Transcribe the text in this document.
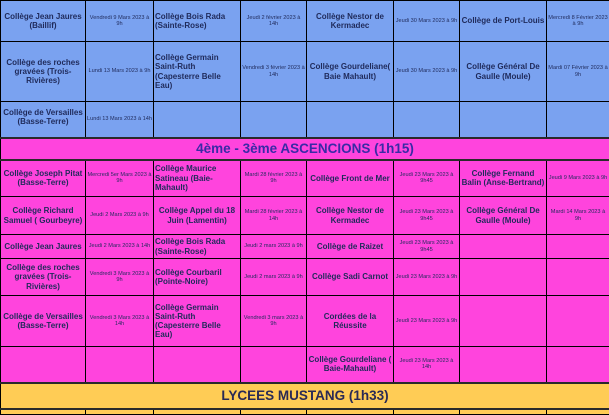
Collège Jean Jaures (Baillif)	Vendredi 9 Mars 2023 à 9h	Collège Bois Rada (Sainte-Rose)	Jeudi 2 février 2023 à 14h	Collège Nestor de Kermadec	Jeudi 30 Mars 2023 à 9h	Collège de Port-Louis	Mercredi 8 Février 2023 à 9h
Collège des roches gravées (Trois-Rivières)	Lundi 13 Mars 2023 à 9h	Collège Germain Saint-Ruth (Capesterre Belle Eau)	Vendredi 3 février 2023 à 14h	Collège Gourdeliane( Baie Mahault)	Jeudi 30 Mars 2023 à 9h	Collège Général De Gaulle (Moule)	Mardi 07 Février 2023 à 9h

Collège de Versailles (Basse-Terre)	Lundi 13 Mars 2023 à 14h						
4ème - 3ème ASCENCIONS (1h15)							
Collège Joseph Pitat (Basse-Terre)	Mercredi 5er Mars 2023 à 9h	Collège Maurice Satineau (Baie-Mahault)	Mardi 28 février 2023 à 9h	Collège Front de Mer	Jeudi 23 Mars 2023 à 9h45	Collège Fernand Balin (Anse-Bertrand)	Jeudi 9 Mars 2023 à 9h
Collège Richard Samuel ( Gourbeyre)	Jeudi 2 Mars 2023 à 9h	Collège Appel du 18 Juin (Lamentin)	Mardi 28 février 2023 à 14h	Collège Nestor de Kermadec	Jeudi 23 Mars 2023 à 9h45	Collège Général De Gaulle (Moule)	Mardi 14 Mars 2023 à 9h
Collège Jean Jaures	Jeudi 2 Mars 2023 à 14h	Collège Bois Rada (Sainte-Rose)	Jeudi 2 mars 2023 à 9h	Collège de Raizet	Jeudi 23 Mars 2023 à 9h45		
Collège des roches gravées (Trois-Rivières)	Vendredi 3 Mars 2023 à 9h	Collège Courbaril (Pointe-Noire)	Jeudi 2 mars 2023 à 9h	Collège Sadi Carnot	Jeudi 23 Mars 2023 à 9h		
Collège de Versailles (Basse-Terre)	Vendredi 3 Mars 2023 à 14h	Collège Germain Saint-Ruth (Capesterre Belle Eau)	Vendredi 3 mars 2023 à 9h	Cordées de la Réussite	Jeudi 23 Mars 2023 à 9h		
				Collège Gourdeliane ( Baie-Mahault)	Jeudi 23 Mars 2023 à 14h		
LYCEES MUSTANG (1h33)							
